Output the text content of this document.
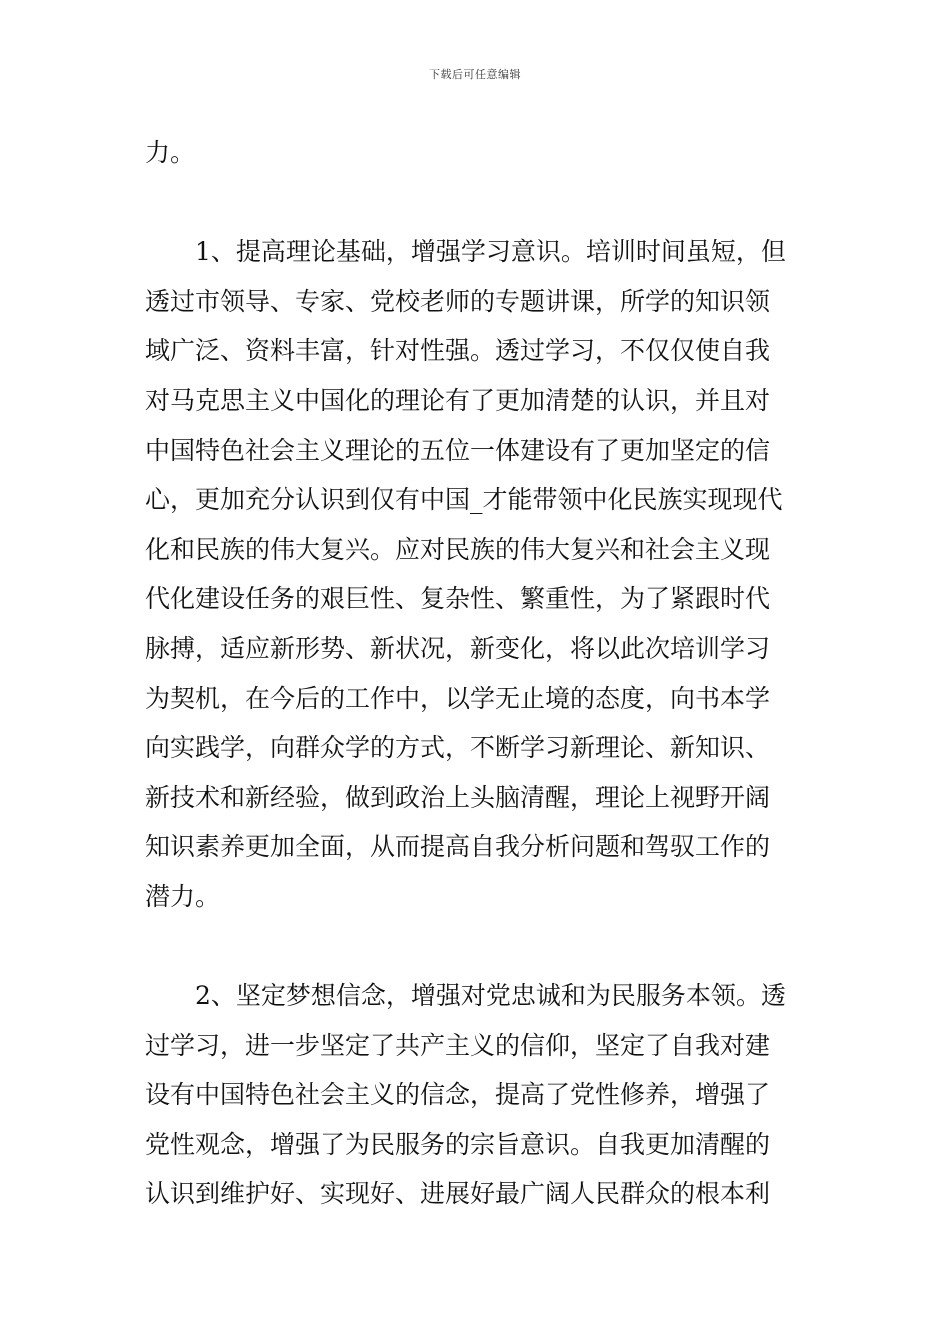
下载后可任意编辑

力。

1、提高理论基础，增强学习意识。培训时间虽短，但
透过市领导、专家、党校老师的专题讲课，所学的知识领
域广泛、资料丰富，针对性强。透过学习，不仅仅使自我
对马克思主义中国化的理论有了更加清楚的认识，并且对
中国特色社会主义理论的五位一体建设有了更加坚定的信
心，更加充分认识到仅有中国_才能带领中化民族实现现代
化和民族的伟大复兴。应对民族的伟大复兴和社会主义现
代化建设任务的艰巨性、复杂性、繁重性，为了紧跟时代
脉搏，适应新形势、新状况，新变化，将以此次培训学习
为契机，在今后的工作中，以学无止境的态度，向书本学
向实践学，向群众学的方式，不断学习新理论、新知识、
新技术和新经验，做到政治上头脑清醒，理论上视野开阔
知识素养更加全面，从而提高自我分析问题和驾驭工作的
潜力。

2、坚定梦想信念，增强对党忠诚和为民服务本领。透
过学习，进一步坚定了共产主义的信仰，坚定了自我对建
设有中国特色社会主义的信念，提高了党性修养，增强了
党性观念，增强了为民服务的宗旨意识。自我更加清醒的
认识到维护好、实现好、进展好最广阔人民群众的根本利
